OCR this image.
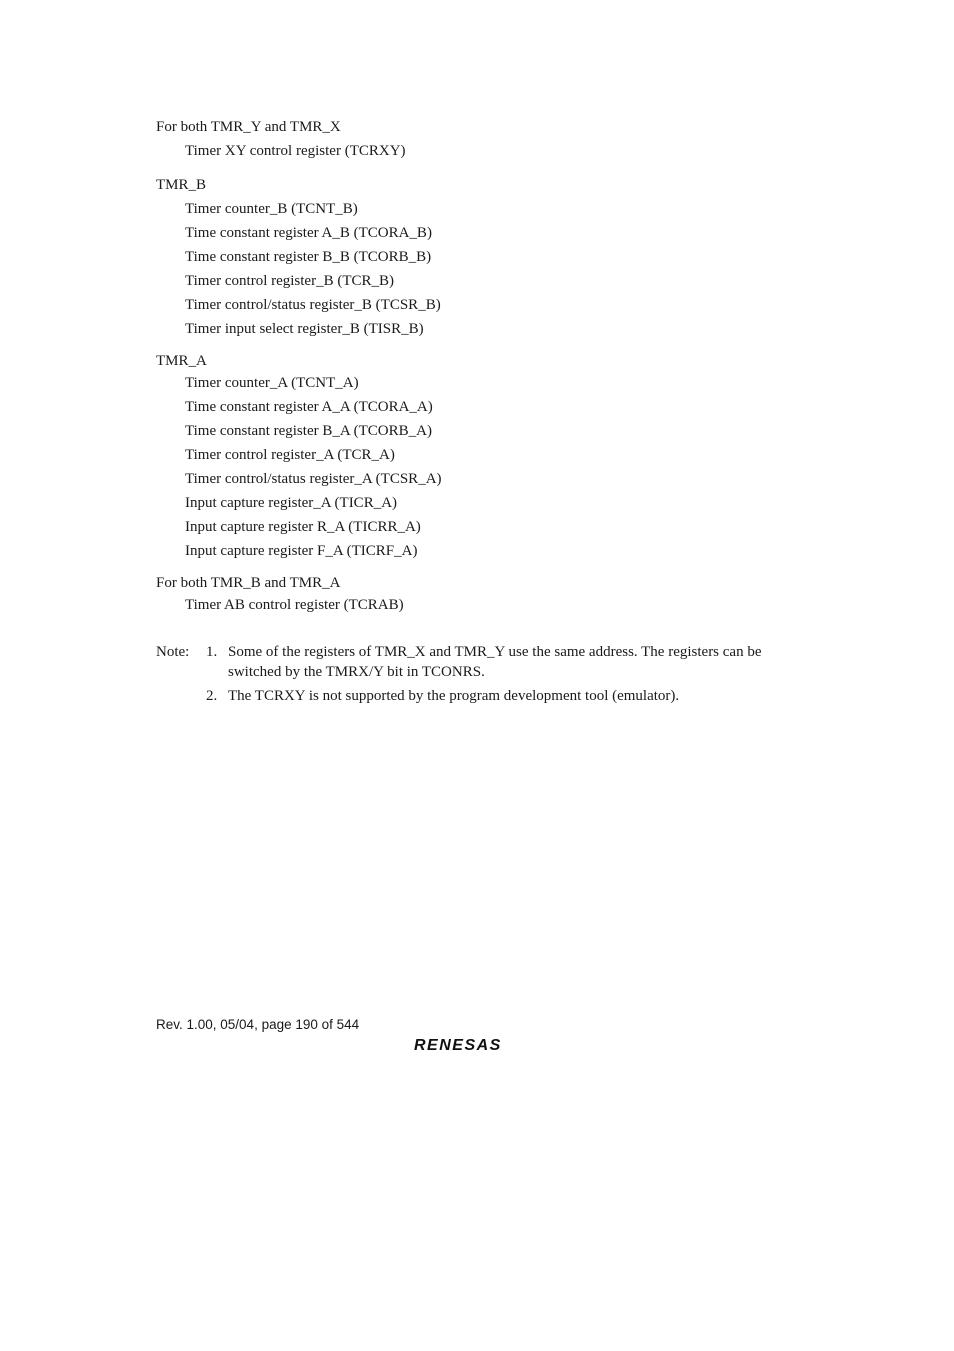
For both TMR_Y and TMR_X
Timer XY control register (TCRXY)
TMR_B
Timer counter_B (TCNT_B)
Time constant register A_B (TCORA_B)
Time constant register B_B (TCORB_B)
Timer control register_B (TCR_B)
Timer control/status register_B (TCSR_B)
Timer input select register_B (TISR_B)
TMR_A
Timer counter_A (TCNT_A)
Time constant register A_A (TCORA_A)
Time constant register B_A (TCORB_A)
Timer control register_A (TCR_A)
Timer control/status register_A (TCSR_A)
Input capture register_A (TICR_A)
Input capture register R_A (TICRR_A)
Input capture register F_A (TICRF_A)
For both TMR_B and TMR_A
Timer AB control register (TCRAB)
Note: 1. Some of the registers of TMR_X and TMR_Y use the same address. The registers can be switched by the TMRX/Y bit in TCONRS.
2. The TCRXY is not supported by the program development tool (emulator).
Rev. 1.00, 05/04, page 190 of 544
RENESAS
